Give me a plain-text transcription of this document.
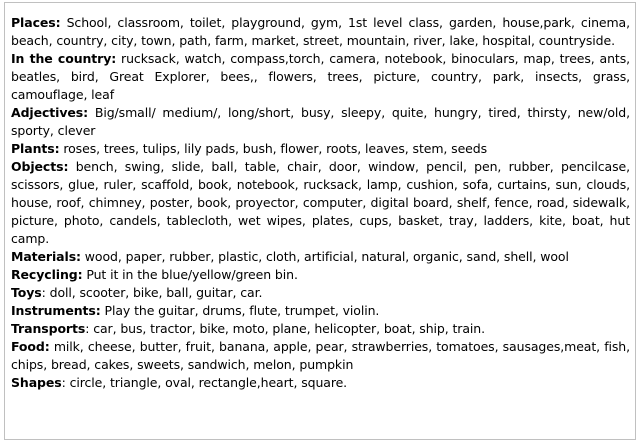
Places: School, classroom, toilet, playground, gym, 1st level class, garden, house,park, cinema, beach, country, city, town, path, farm, market, street, mountain, river, lake, hospital, countryside.

In the country: rucksack, watch, compass,torch, camera, notebook, binoculars, map, trees, ants, beatles, bird, Great Explorer, bees,, flowers, trees, picture, country, park, insects, grass, camouflage, leaf

Adjectives: Big/small/ medium/, long/short, busy, sleepy, quite, hungry, tired, thirsty, new/old, sporty, clever

Plants: roses, trees, tulips, lily pads, bush, flower, roots, leaves, stem, seeds

Objects: bench, swing, slide, ball, table, chair, door, window, pencil, pen, rubber, pencilcase, scissors, glue, ruler, scaffold, book, notebook, rucksack, lamp, cushion, sofa, curtains, sun, clouds, house, roof, chimney, poster, book, proyector, computer, digital board, shelf, fence, road, sidewalk, picture, photo, candels, tablecloth, wet wipes, plates, cups, basket, tray, ladders, kite, boat, hut camp.

Materials: wood, paper, rubber, plastic, cloth, artificial, natural, organic, sand, shell, wool

Recycling: Put it in the blue/yellow/green bin.

Toys: doll, scooter, bike, ball, guitar, car.

Instruments: Play the guitar, drums, flute, trumpet, violin.

Transports: car, bus, tractor, bike, moto, plane, helicopter, boat, ship, train.

Food: milk, cheese, butter, fruit, banana, apple, pear, strawberries, tomatoes, sausages,meat, fish, chips, bread, cakes, sweets, sandwich, melon, pumpkin

Shapes: circle, triangle, oval, rectangle,heart, square.
